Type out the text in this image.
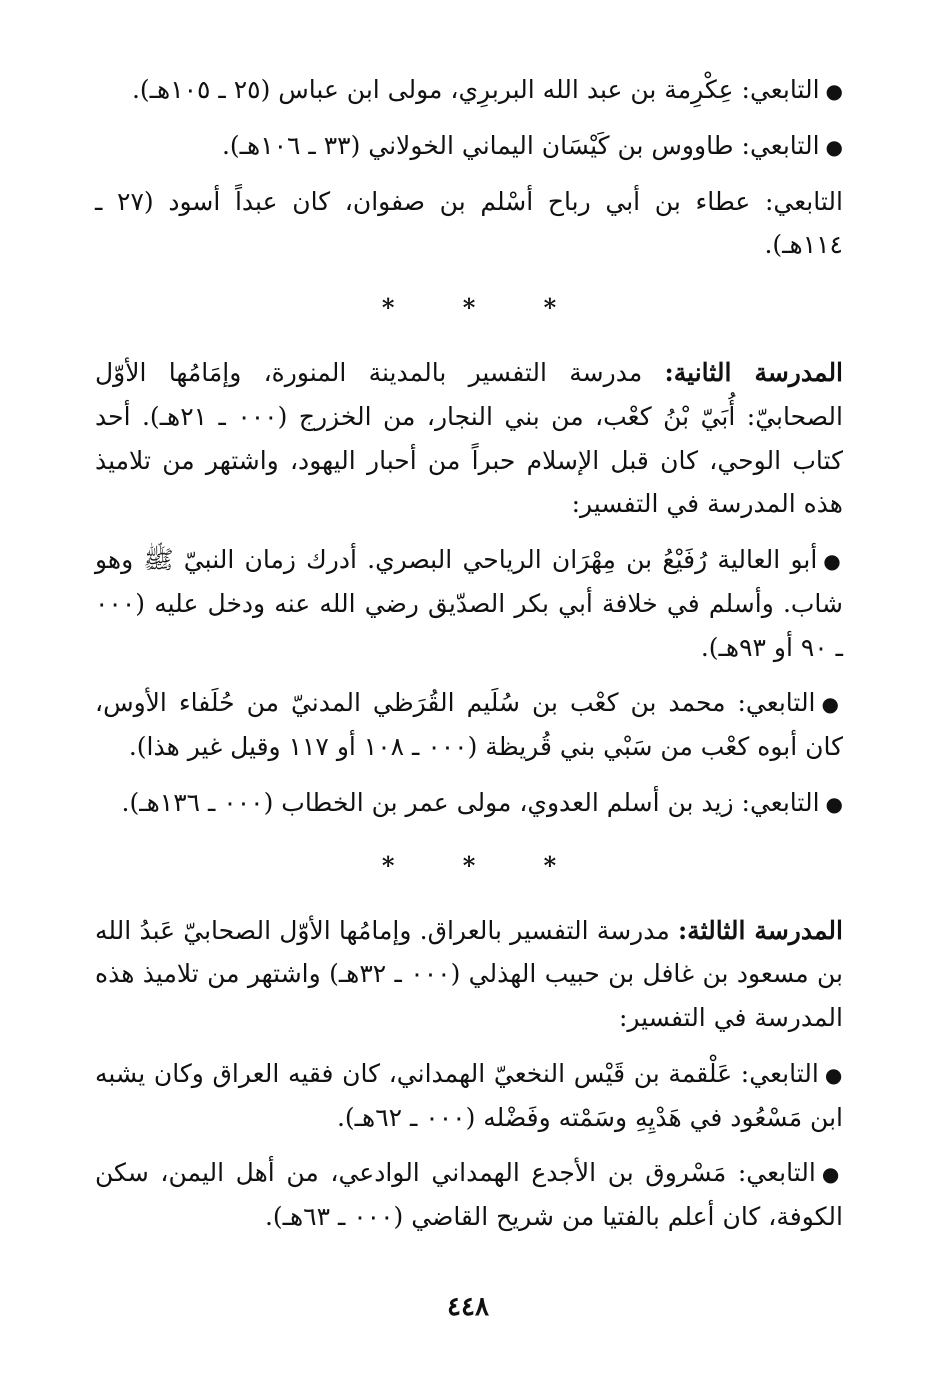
●التابعي: عِكْرِمة بن عبد الله البربرِي، مولى ابن عباس (٢٥ ـ ١٠٥هـ).

●التابعي: طاووس بن كَيْسَان اليماني الخولاني (٣٣ ـ ١٠٦هـ).

التابعي: عطاء بن أبي رباح أسْلم بن صفوان، كان عبداً أسود (٢٧ ـ ١١٤هـ).

* * *

المدرسة الثانية: مدرسة التفسير بالمدينة المنورة، وإمَامُها الأوّل الصحابيّ: أُبَيّ بْنُ كعْب، من بني النجار، من الخزرج (٠٠٠ ـ ٢١هـ). أحد كتاب الوحي، كان قبل الإسلام حبراً من أحبار اليهود، واشتهر من تلاميذ هذه المدرسة في التفسير:

●أبو العالية رُفَيْعُ بن مِهْرَان الرياحي البصري. أدرك زمان النبيّ ﷺ وهو شاب. وأسلم في خلافة أبي بكر الصدّيق رضي الله عنه ودخل عليه (٠٠٠ ـ ٩٠ أو ٩٣هـ).

●التابعي: محمد بن كعْب بن سُلَيم القُرَظي المدنيّ من حُلَفاء الأوس، كان أبوه كعْب من سَبْي بني قُريظة (٠٠٠ ـ ١٠٨ أو ١١٧ وقيل غير هذا).

●التابعي: زيد بن أسلم العدوي، مولى عمر بن الخطاب (٠٠٠ ـ ١٣٦هـ).

* * *

المدرسة الثالثة: مدرسة التفسير بالعراق. وإمامُها الأوّل الصحابيّ عَبدُ الله بن مسعود بن غافل بن حبيب الهذلي (٠٠٠ ـ ٣٢هـ) واشتهر من تلاميذ هذه المدرسة في التفسير:

●التابعي: عَلْقمة بن قَيْس النخعيّ الهمداني، كان فقيه العراق وكان يشبه ابن مَسْعُود في هَدْيِهِ وسَمْته وفَضْله (٠٠٠ ـ ٦٢هـ).

●التابعي: مَسْروق بن الأجدع الهمداني الوادعي، من أهل اليمن، سكن الكوفة، كان أعلم بالفتيا من شريح القاضي (٠٠٠ ـ ٦٣هـ).

٤٤٨
